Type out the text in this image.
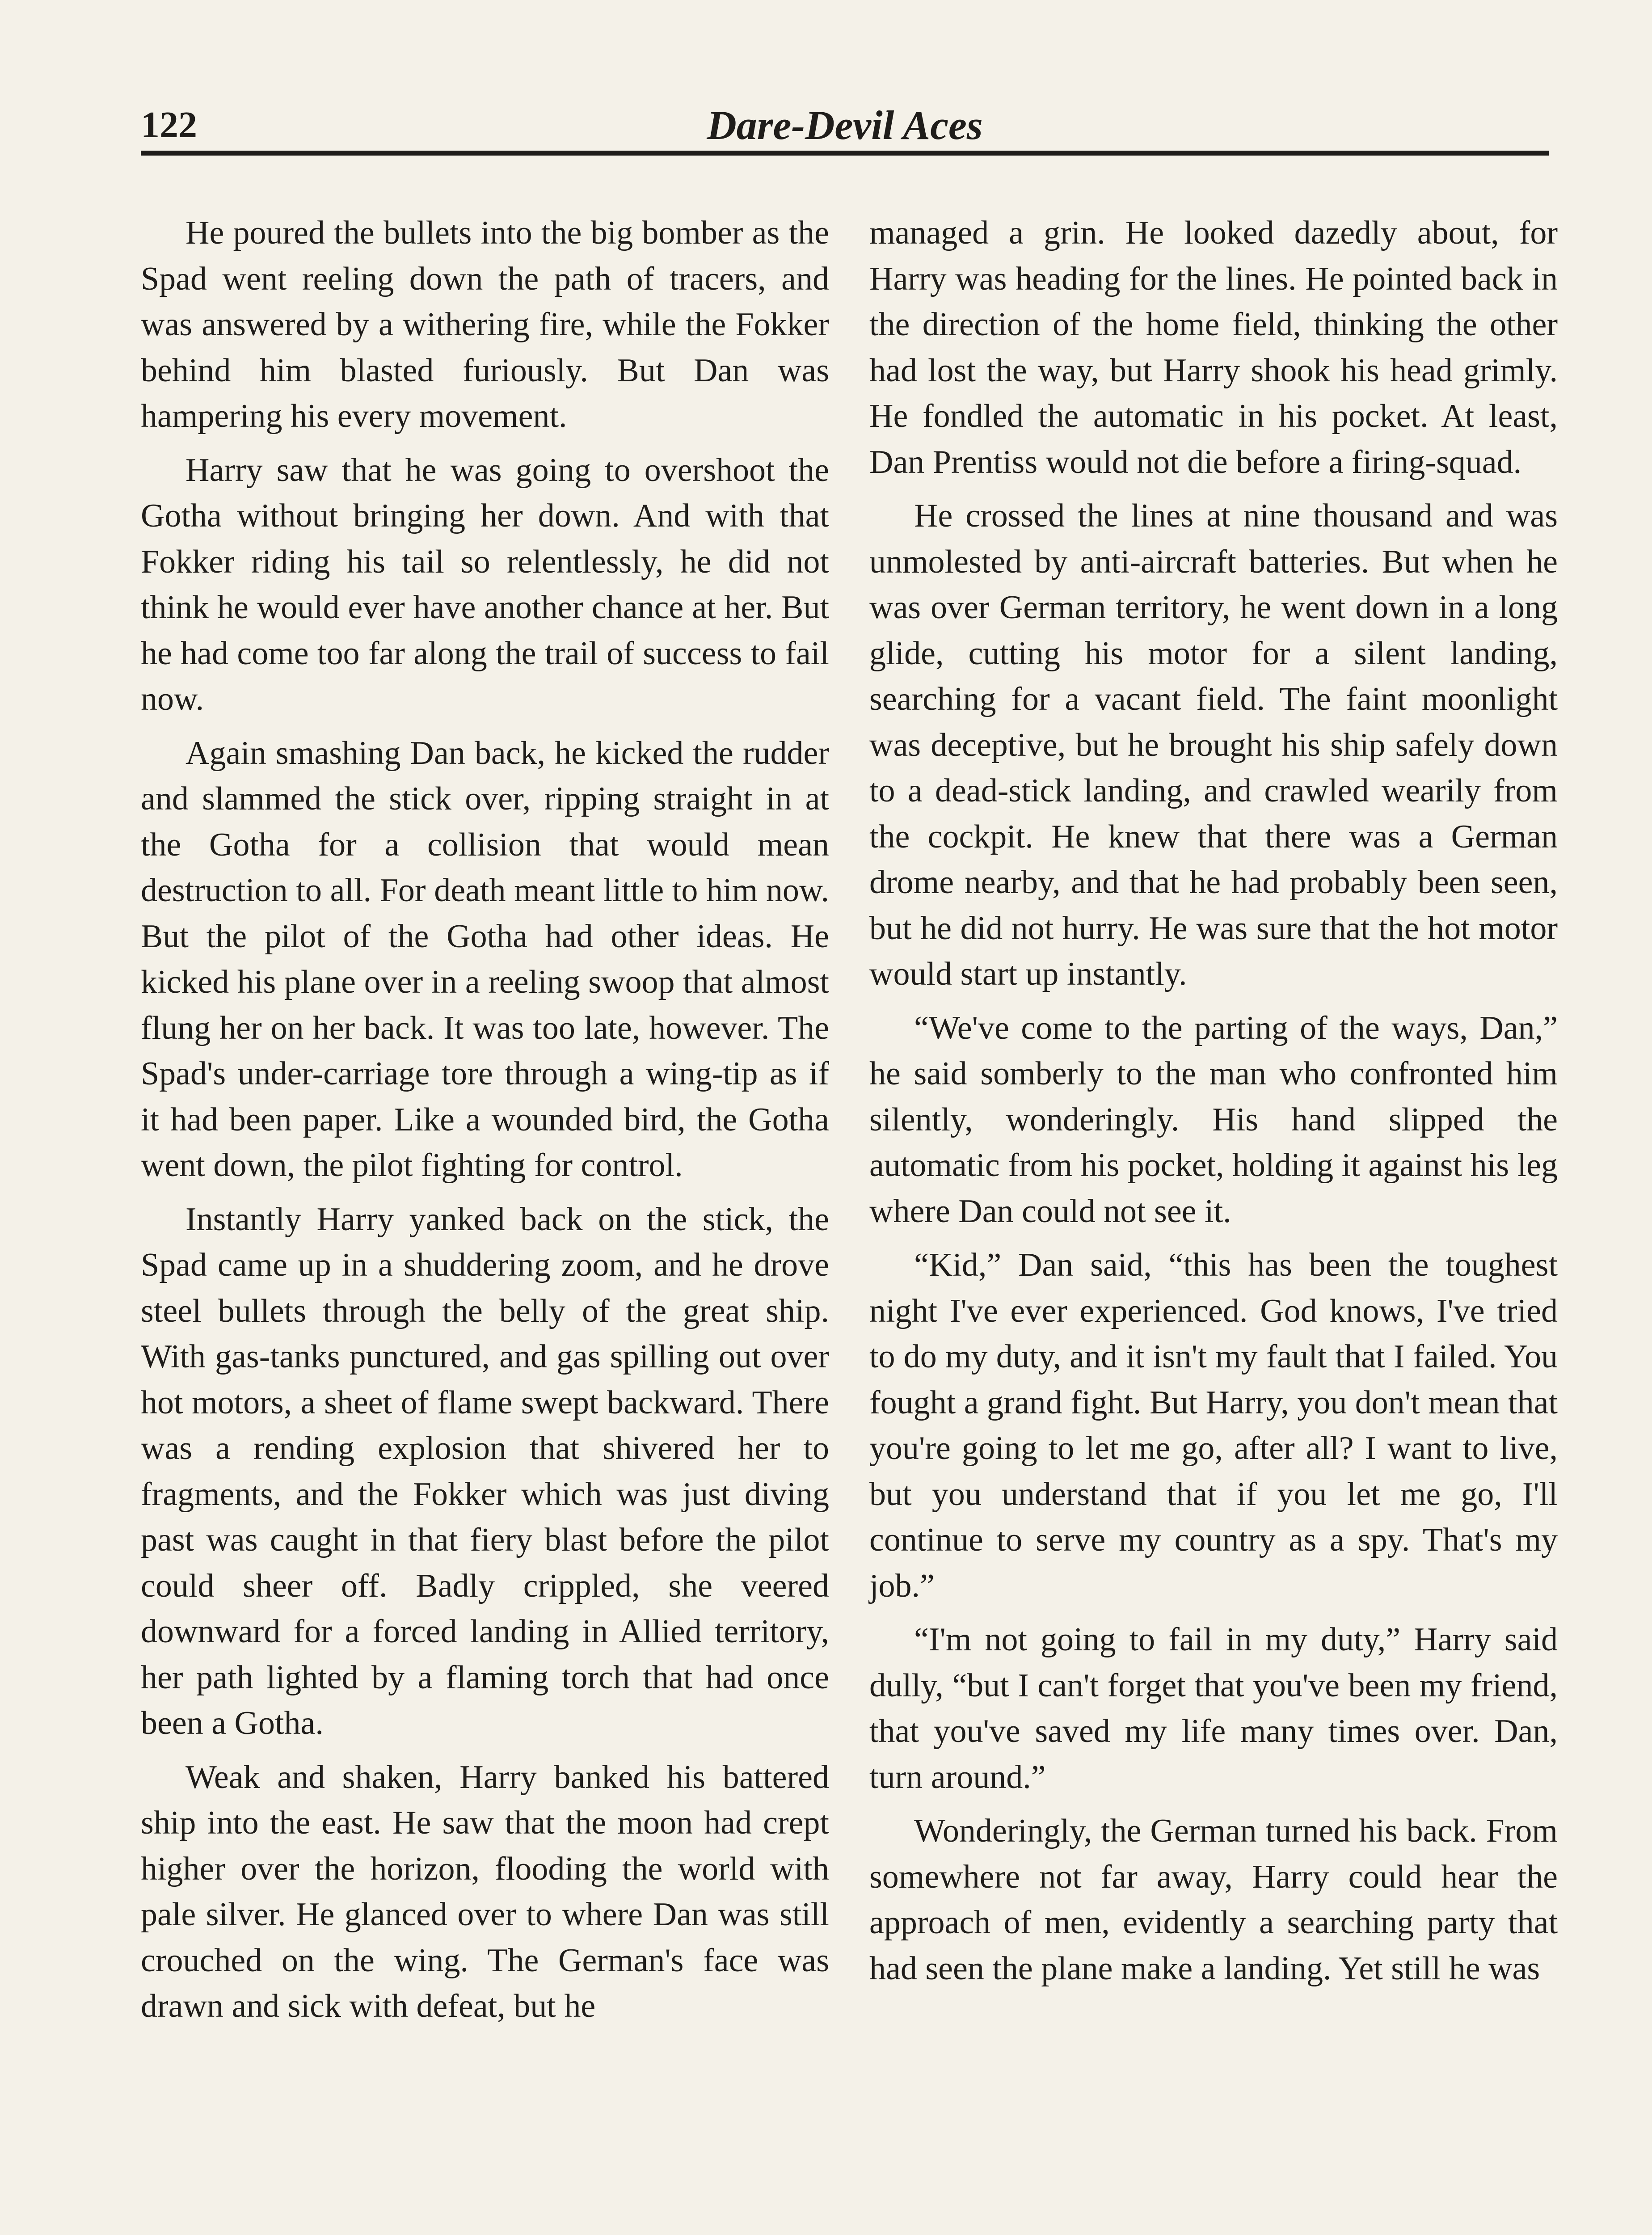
122	Dare-Devil Aces

He poured the bullets into the big bomber as the Spad went reeling down the path of tracers, and was answered by a withering fire, while the Fokker behind him blasted furiously. But Dan was hampering his every movement.

Harry saw that he was going to overshoot the Gotha without bringing her down. And with that Fokker riding his tail so relentlessly, he did not think he would ever have another chance at her. But he had come too far along the trail of success to fail now.

Again smashing Dan back, he kicked the rudder and slammed the stick over, ripping straight in at the Gotha for a collision that would mean destruction to all. For death meant little to him now. But the pilot of the Gotha had other ideas. He kicked his plane over in a reeling swoop that almost flung her on her back. It was too late, however. The Spad's under-carriage tore through a wing-tip as if it had been paper. Like a wounded bird, the Gotha went down, the pilot fighting for control.

Instantly Harry yanked back on the stick, the Spad came up in a shuddering zoom, and he drove steel bullets through the belly of the great ship. With gas-tanks punctured, and gas spilling out over hot motors, a sheet of flame swept backward. There was a rending explosion that shivered her to fragments, and the Fokker which was just diving past was caught in that fiery blast before the pilot could sheer off. Badly crippled, she veered downward for a forced landing in Allied territory, her path lighted by a flaming torch that had once been a Gotha.

Weak and shaken, Harry banked his battered ship into the east. He saw that the moon had crept higher over the horizon, flooding the world with pale silver. He glanced over to where Dan was still crouched on the wing. The German's face was drawn and sick with defeat, but he

managed a grin. He looked dazedly about, for Harry was heading for the lines. He pointed back in the direction of the home field, thinking the other had lost the way, but Harry shook his head grimly. He fondled the automatic in his pocket. At least, Dan Prentiss would not die before a firing-squad.

He crossed the lines at nine thousand and was unmolested by anti-aircraft batteries. But when he was over German territory, he went down in a long glide, cutting his motor for a silent landing, searching for a vacant field. The faint moonlight was deceptive, but he brought his ship safely down to a dead-stick landing, and crawled wearily from the cockpit. He knew that there was a German drome nearby, and that he had probably been seen, but he did not hurry. He was sure that the hot motor would start up instantly.

“We've come to the parting of the ways, Dan,” he said somberly to the man who confronted him silently, wonderingly. His hand slipped the automatic from his pocket, holding it against his leg where Dan could not see it.

“Kid,” Dan said, “this has been the toughest night I've ever experienced. God knows, I've tried to do my duty, and it isn't my fault that I failed. You fought a grand fight. But Harry, you don't mean that you're going to let me go, after all? I want to live, but you understand that if you let me go, I'll continue to serve my country as a spy. That's my job.”

“I'm not going to fail in my duty,” Harry said dully, “but I can't forget that you've been my friend, that you've saved my life many times over. Dan, turn around.”

Wonderingly, the German turned his back. From somewhere not far away, Harry could hear the approach of men, evidently a searching party that had seen the plane make a landing. Yet still he was
